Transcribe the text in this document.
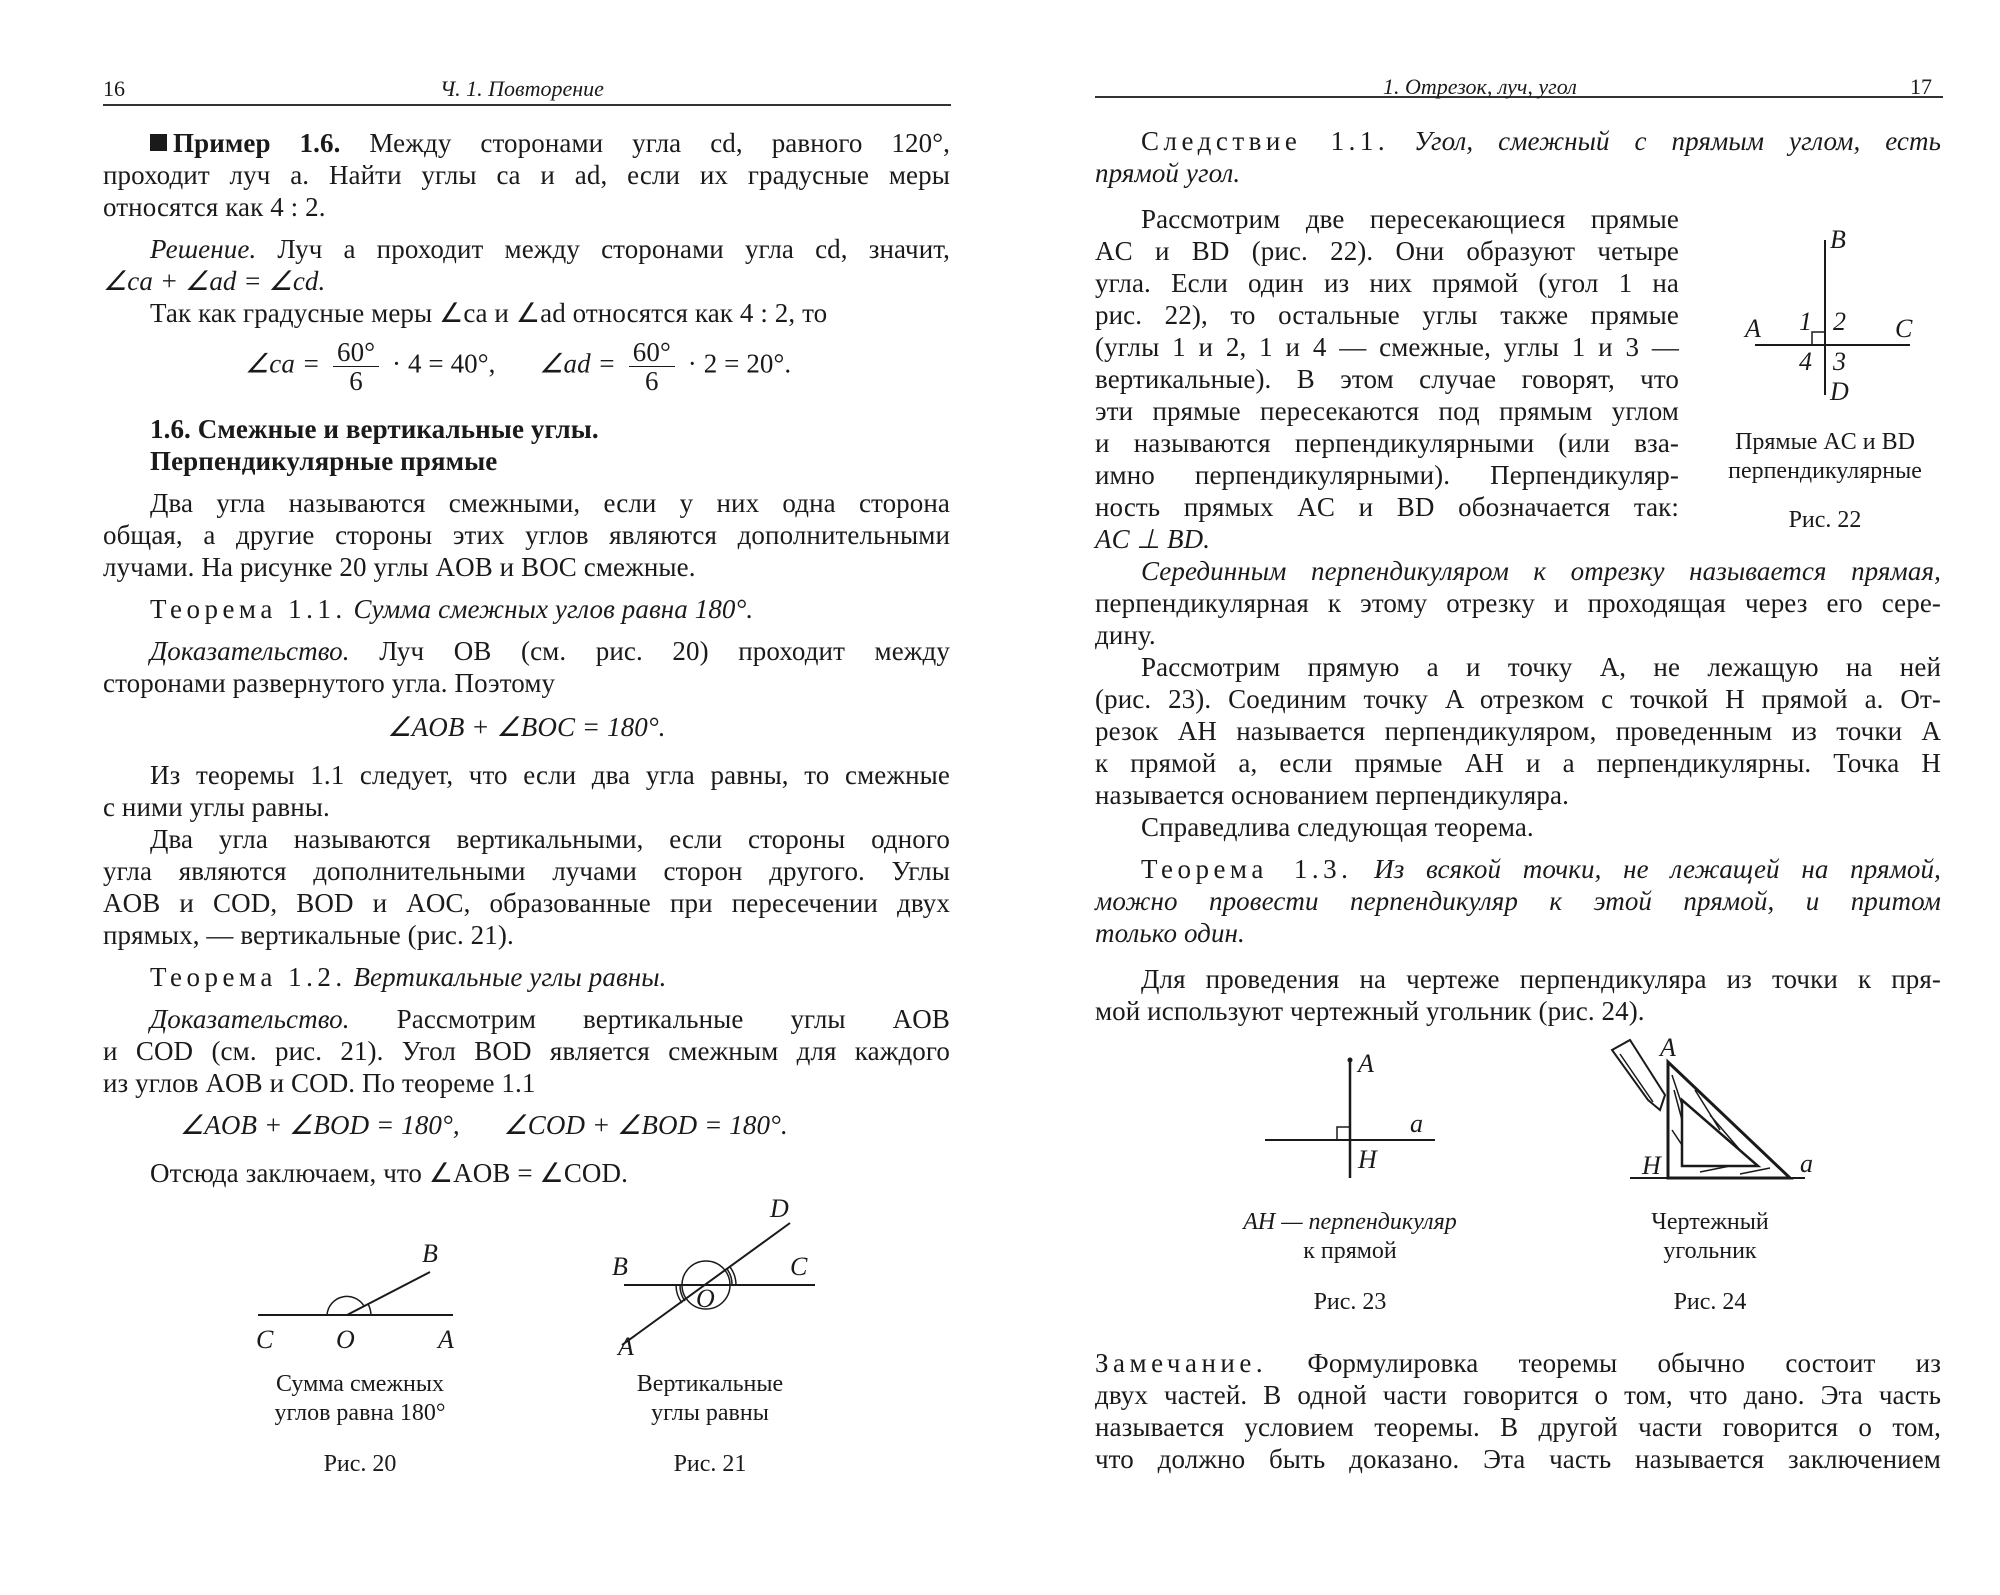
16	Ч. 1. Повторение
Пример 1.6. Между сторонами угла cd, равного 120°,
проходит луч a. Найти углы ca и ad, если их градусные меры
относятся как 4 : 2.
Решение. Луч a проходит между сторонами угла cd, значит,
∠ca + ∠ad = ∠cd.
Так как градусные меры ∠ca и ∠ad относятся как 4 : 2, то
∠ca = $\frac{60^\circ}{6} \cdot 4 = 40^\circ$, ∠ad = $\frac{60^\circ}{6} \cdot 2 = 20^\circ$.
1.6. Смежные и вертикальные углы.
Перпендикулярные прямые
Два угла называются смежными, если у них одна сторона
общая, а другие стороны этих углов являются дополнительными
лучами. На рисунке 20 углы AOB и BOC смежные.
Теорема 1.1. Сумма смежных углов равна 180°.
Доказательство. Луч OB (см. рис. 20) проходит между
сторонами развернутого угла. Поэтому
∠AOB + ∠BOC = 180°.
Из теоремы 1.1 следует, что если два угла равны, то смежные
с ними углы равны.
Два угла называются вертикальными, если стороны одного
угла являются дополнительными лучами сторон другого. Углы
AOB и COD, BOD и AOC, образованные при пересечении двух
прямых, — вертикальные (рис. 21).
Теорема 1.2. Вертикальные углы равны.
Доказательство. Рассмотрим вертикальные углы AOB
и COD (см. рис. 21). Угол BOD является смежным для каждого
из углов AOB и COD. По теореме 1.1
∠AOB + ∠BOD = 180°, ∠COD + ∠BOD = 180°.
Отсюда заключаем, что ∠AOB = ∠COD.
B
C O	A
Сумма смежных
углов равна 180°
Рис. 20
D
B	C
O
A
Вертикальные
углы равны
Рис. 21
1. Отрезок, луч, угол	17
Следствие 1.1. Угол, смежный с прямым углом, есть
прямой угол.
Рассмотрим две пересекающиеся прямые
AC и BD (рис. 22). Они образуют четыре
угла. Если один из них прямой (угол 1 на
рис. 22), то остальные углы также прямые
(углы 1 и 2, 1 и 4 — смежные, углы 1 и 3 —
вертикальные). В этом случае говорят, что
эти прямые пересекаются под прямым углом
и называются перпендикулярными (или вза-
имно перпендикулярными). Перпендикуляр-
ность прямых AC и BD обозначается так:
AC ⊥ BD.
B
A	C
D
1 2
3
4
Прямые AC и BD
перпендикулярные
Рис. 22
Серединным перпендикуляром к отрезку называется прямая,
перпендикулярная к этому отрезку и проходящая через его сере-
дину.
Рассмотрим прямую a и точку A, не лежащую на ней
(рис. 23). Соединим точку A отрезком с точкой H прямой a. От-
резок AH называется перпендикуляром, проведенным из точки A
к прямой a, если прямые AH и a перпендикулярны. Точка H
называется основанием перпендикуляра.
Справедлива следующая теорема.
Теорема 1.3. Из всякой точки, не лежащей на прямой,
можно провести перпендикуляр к этой прямой, и притом
только один.
Для проведения на чертеже перпендикуляра из точки к пря-
мой используют чертежный угольник (рис. 24).
A
a
H
AH — перпендикуляр
к прямой
Рис. 23
A
H	a
Чертежный
угольник
Рис. 24
Замечание. Формулировка теоремы обычно состоит из
двух частей. В одной части говорится о том, что дано. Эта часть
называется условием теоремы. В другой части говорится о том,
что должно быть доказано. Эта часть называется заключением
